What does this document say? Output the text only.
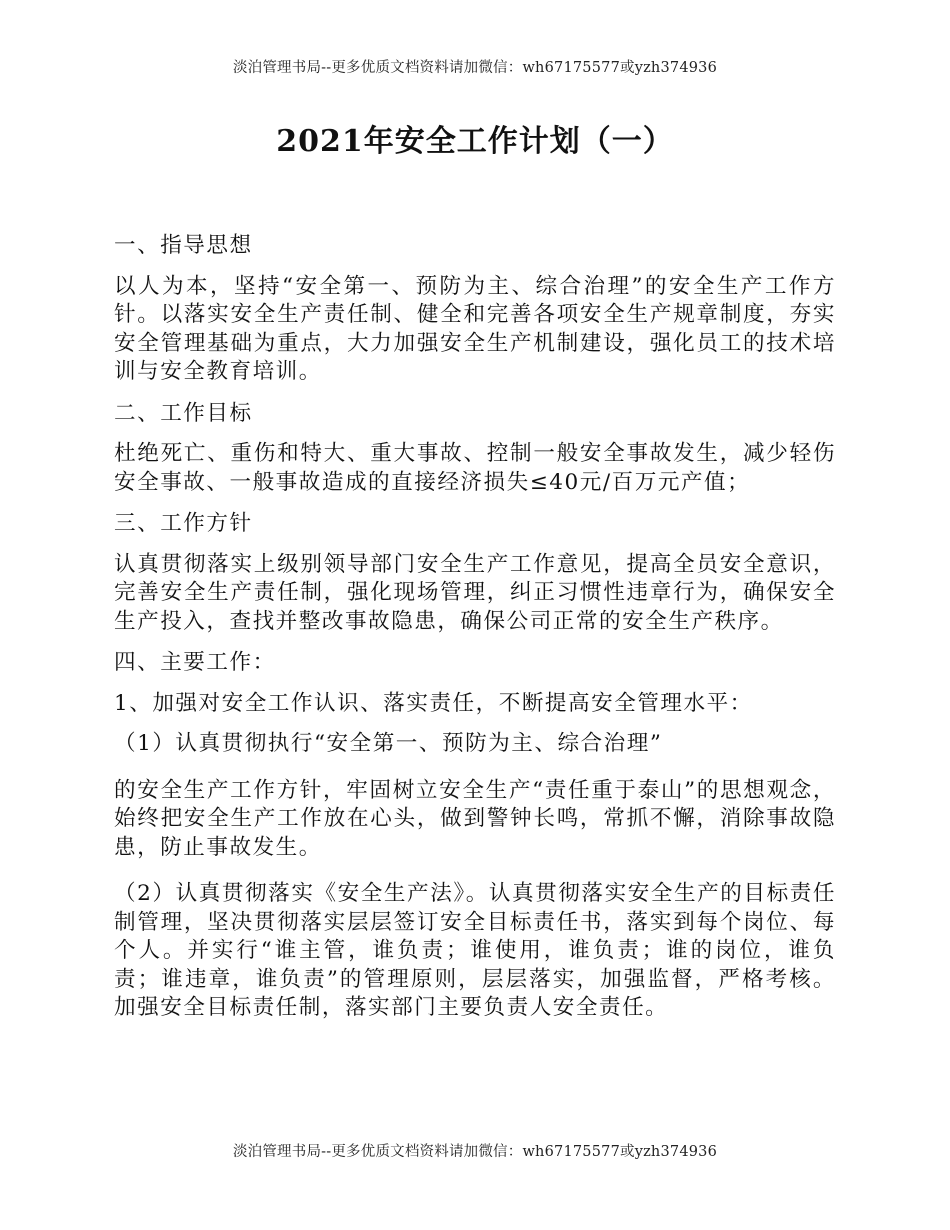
淡泊管理书局--更多优质文档资料请加微信：wh67175577或yzh374936
2021年安全工作计划（一）

一、指导思想

以人为本，坚持“安全第一、预防为主、综合治理”的安全生产工作方针。以落实安全生产责任制、健全和完善各项安全生产规章制度，夯实安全管理基础为重点，大力加强安全生产机制建设，强化员工的技术培训与安全教育培训。

二、工作目标

杜绝死亡、重伤和特大、重大事故、控制一般安全事故发生，减少轻伤安全事故、一般事故造成的直接经济损失≤40元/百万元产值；

三、工作方针

认真贯彻落实上级别领导部门安全生产工作意见，提高全员安全意识，完善安全生产责任制，强化现场管理，纠正习惯性违章行为，确保安全生产投入，查找并整改事故隐患，确保公司正常的安全生产秩序。

四、主要工作：

1、加强对安全工作认识、落实责任，不断提高安全管理水平：

（1）认真贯彻执行“安全第一、预防为主、综合治理”

的安全生产工作方针，牢固树立安全生产“责任重于泰山”的思想观念，始终把安全生产工作放在心头，做到警钟长鸣，常抓不懈，消除事故隐患，防止事故发生。

（2）认真贯彻落实《安全生产法》。认真贯彻落实安全生产的目标责任制管理，坚决贯彻落实层层签订安全目标责任书，落实到每个岗位、每个人。并实行“谁主管，谁负责；谁使用，谁负责；谁的岗位，谁负责；谁违章，谁负责”的管理原则，层层落实，加强监督，严格考核。加强安全目标责任制，落实部门主要负责人安全责任。

淡泊管理书局--更多优质文档资料请加微信：wh67175577或yzh374936
